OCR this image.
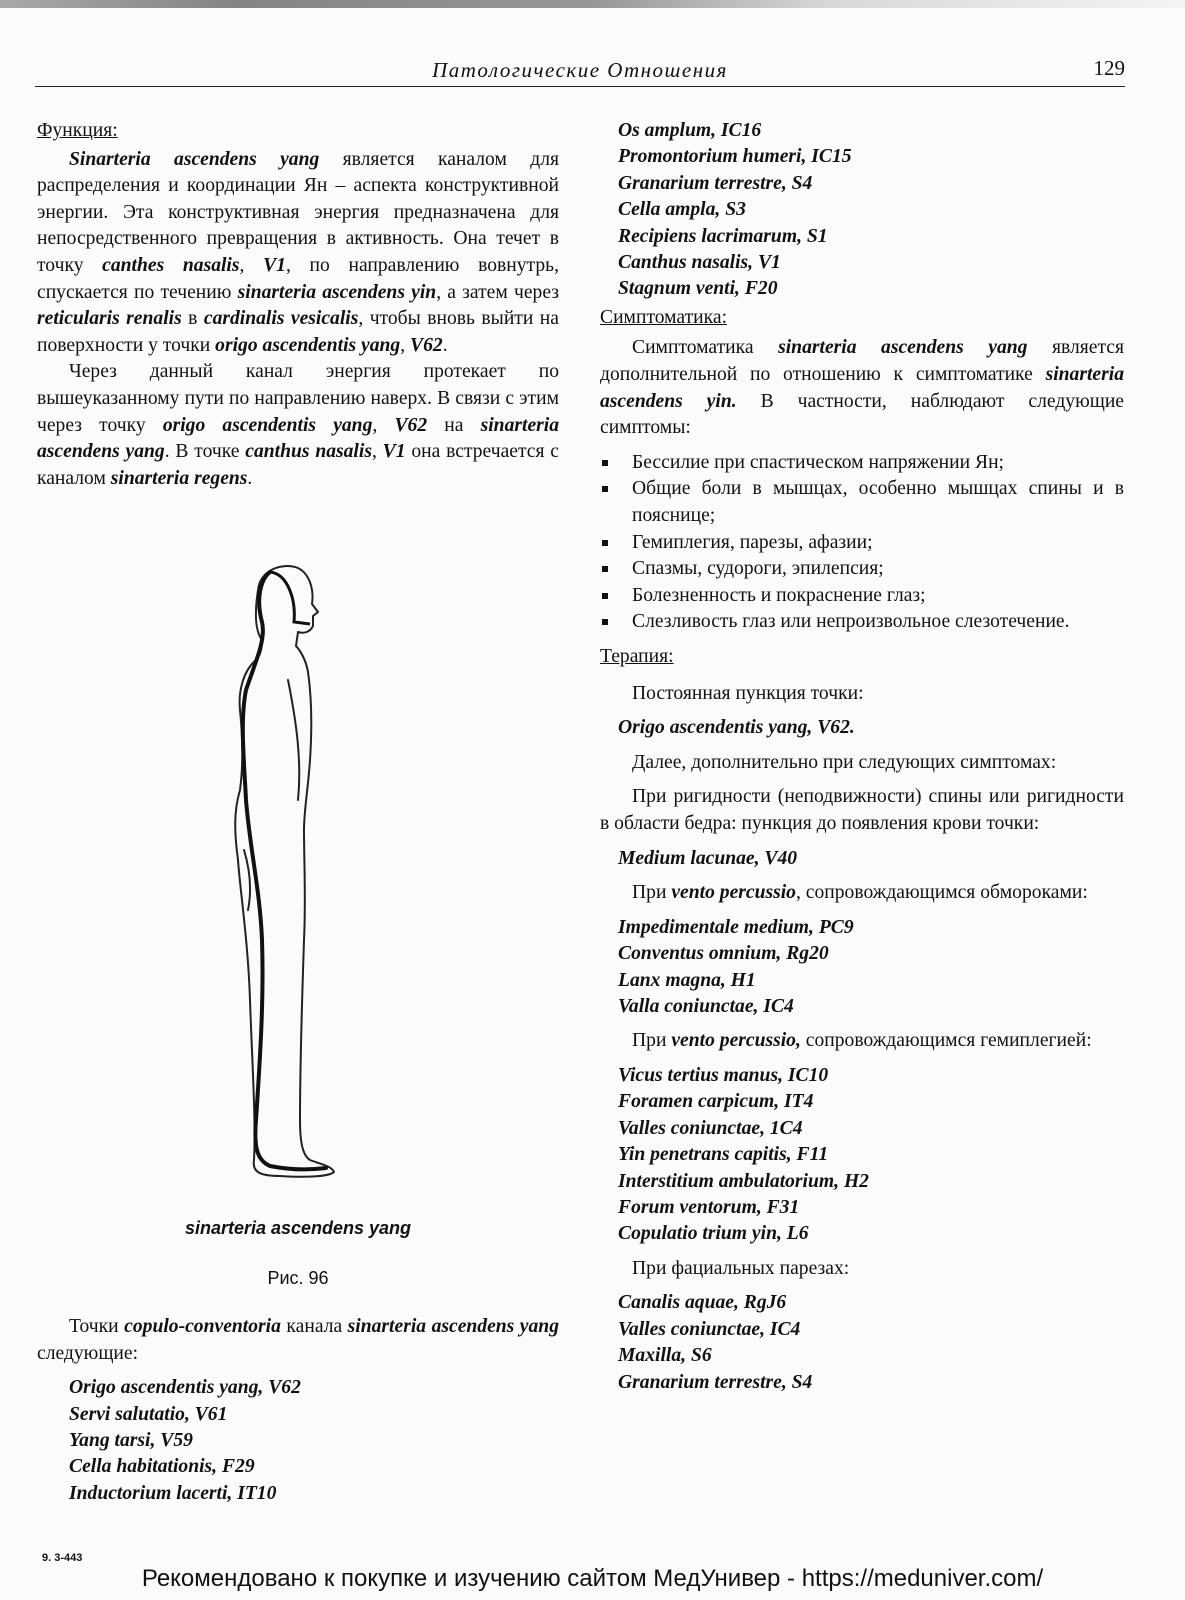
Патологические Отношения	129

Функция:

Sinarteria ascendens yang является каналом для распределения и координации Ян – аспекта конструктивной энергии. Эта конструктивная энергия предназначена для непосредственного превращения в активность. Она течет в точку canthes nasalis, V1, по направлению вовнутрь, спускается по течению sinarteria ascendens yin, а затем через reticularis renalis в cardinalis vesicalis, чтобы вновь выйти на поверхности у точки origo ascendentis yang, V62.

Через данный канал энергия протекает по вышеуказанному пути по направлению наверх. В связи с этим через точку origo ascendentis yang, V62 на sinarteria ascendens yang. В точке canthus nasalis, V1 она встречается с каналом sinarteria regens.

sinarteria ascendens yang
Рис. 96

Точки copulo-conventoria канала sinarteria ascendens yang следующие:

Origo ascendentis yang, V62
Servi salutatio, V61
Yang tarsi, V59
Cella habitationis, F29
Inductorium lacerti, IT10
9. 3-443
Os amplum, IC16
Promontorium humeri, IC15
Granarium terrestre, S4
Cella ampla, S3
Recipiens lacrimarum, S1
Canthus nasalis, V1
Stagnum venti, F20

Симптоматика:

Симптоматика sinarteria ascendens yang является дополнительной по отношению к симптоматике sinarteria ascendens yin. В частности, наблюдают следующие симптомы:

Бессилие при спастическом напряжении Ян;
Общие боли в мышцах, особенно мышцах спины и в пояснице;
Гемиплегия, парезы, афазии;
Спазмы, судороги, эпилепсия;
Болезненность и покраснение глаз;
Слезливость глаз или непроизвольное слезотечение.

Терапия:

Постоянная пункция точки:

Origo ascendentis yang, V62.

Далее, дополнительно при следующих симптомах:

При ригидности (неподвижности) спины или ригидности в области бедра: пункция до появления крови точки:

Medium lacunae, V40

При vento percussio, сопровождающимся обмороками:

Impedimentale medium, PC9
Conventus omnium, Rg20
Lanx magna, H1
Valla coniunctae, IC4

При vento percussio, сопровождающимся гемиплегией:

Vicus tertius manus, IC10
Foramen carpicum, IT4
Valles coniunctae, 1C4
Yin penetrans capitis, F11
Interstitium ambulatorium, H2
Forum ventorum, F31
Copulatio trium yin, L6

При фациальных парезах:

Canalis aquae, RgJ6
Valles coniunctae, IC4
Maxilla, S6
Granarium terrestre, S4
Рекомендовано к покупке и изучению сайтом МедУнивер - https://meduniver.com/
